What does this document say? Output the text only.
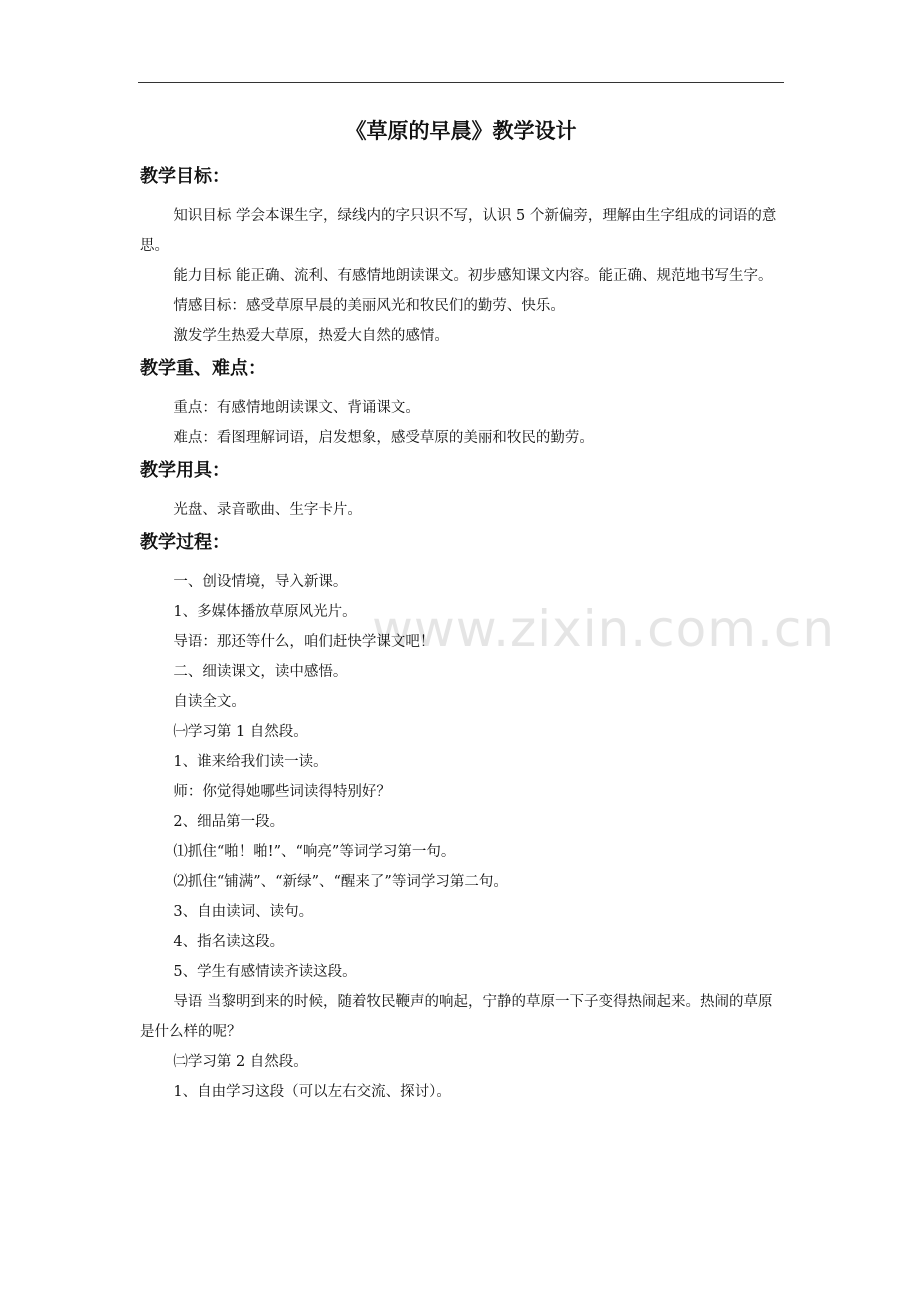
www.zixin.com.cn
《草原的早晨》教学设计
教学目标：

知识目标 学会本课生字，绿线内的字只识不写，认识 5 个新偏旁，理解由生字组成的词语的意思。

能力目标 能正确、流利、有感情地朗读课文。初步感知课文内容。能正确、规范地书写生字。

情感目标：感受草原早晨的美丽风光和牧民们的勤劳、快乐。

激发学生热爱大草原，热爱大自然的感情。

教学重、难点：

重点：有感情地朗读课文、背诵课文。

难点：看图理解词语，启发想象，感受草原的美丽和牧民的勤劳。

教学用具：

光盘、录音歌曲、生字卡片。

教学过程：

一、创设情境，导入新课。

1、多媒体播放草原风光片。

导语：那还等什么，咱们赶快学课文吧！

二、细读课文，读中感悟。

自读全文。

㈠学习第 1 自然段。

1、谁来给我们读一读。

师：你觉得她哪些词读得特别好？

2、细品第一段。

⑴抓住“啪！啪!”、“响亮”等词学习第一句。

⑵抓住“铺满”、“新绿”、“醒来了”等词学习第二句。

3、自由读词、读句。

4、指名读这段。

5、学生有感情读齐读这段。

导语 当黎明到来的时候，随着牧民鞭声的响起，宁静的草原一下子变得热闹起来。热闹的草原是什么样的呢？

㈡学习第 2 自然段。

1、自由学习这段（可以左右交流、探讨）。
